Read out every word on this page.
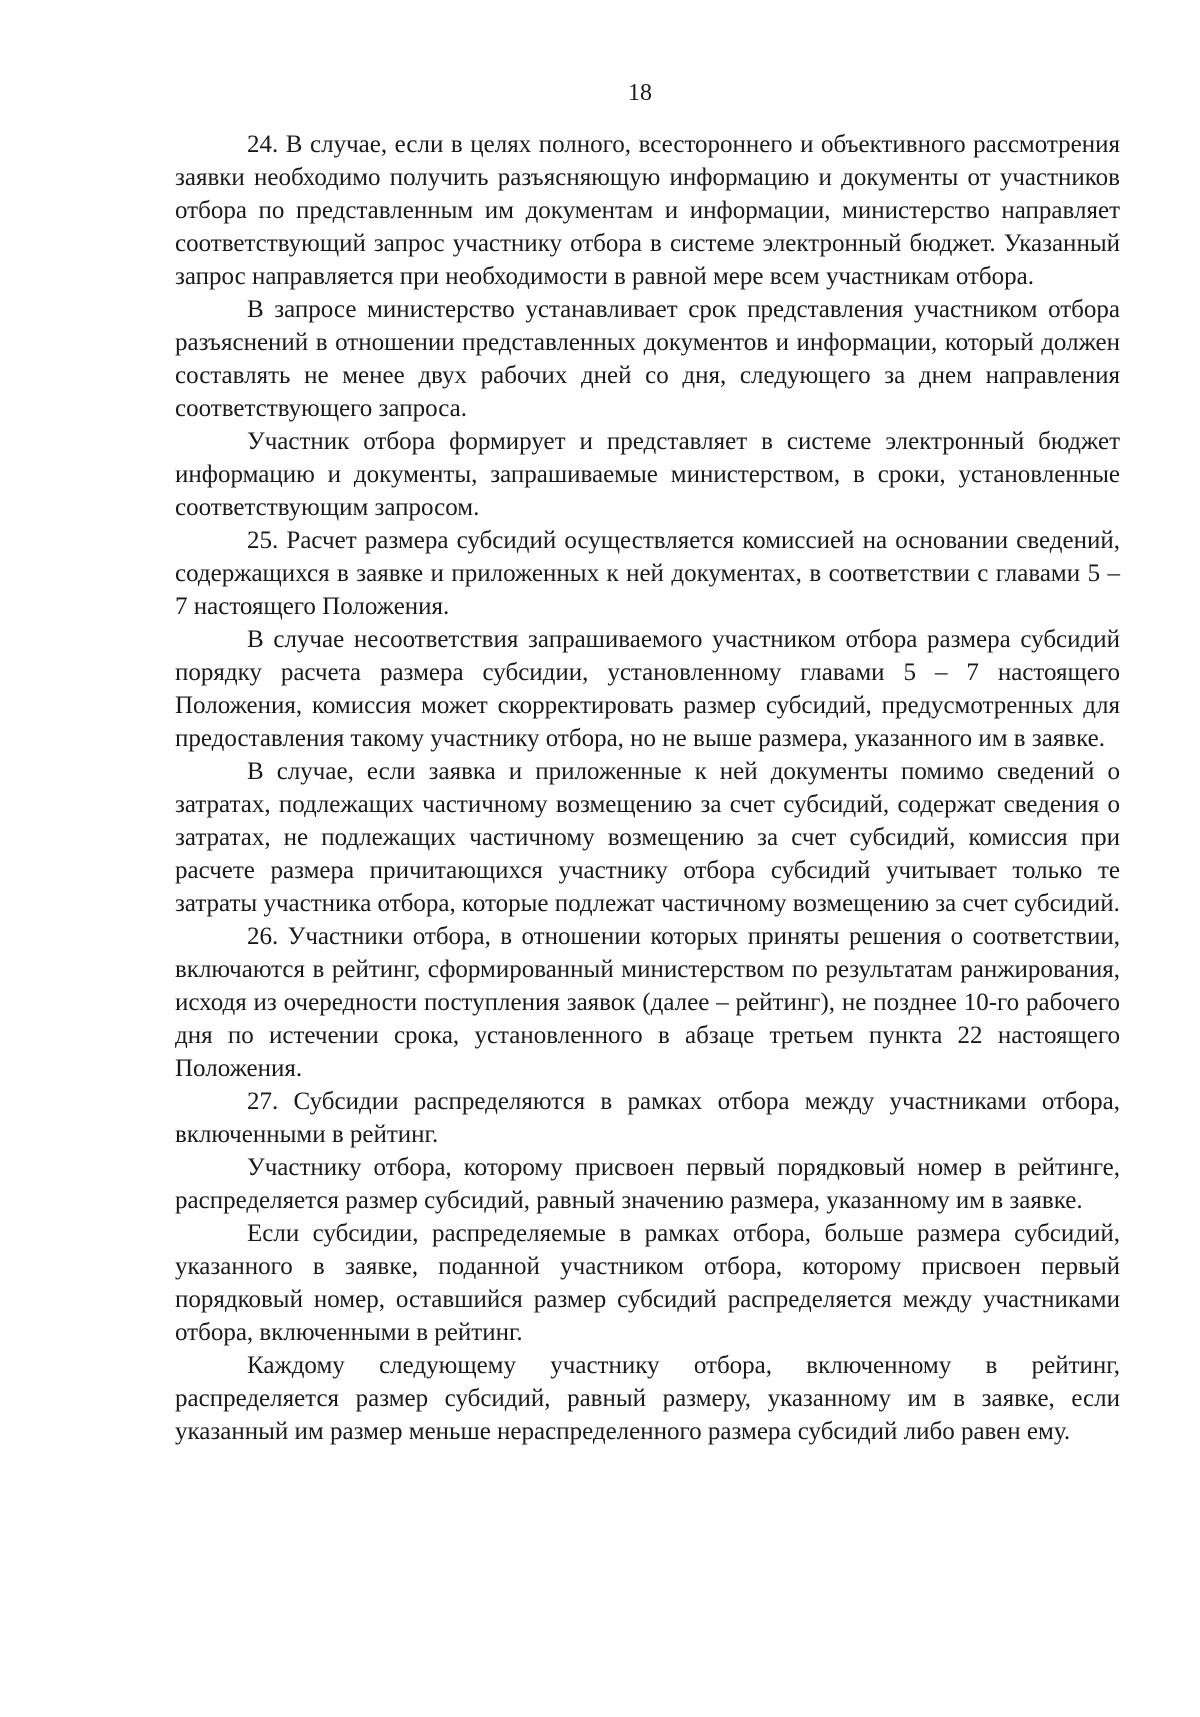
18

24. В случае, если в целях полного, всестороннего и объективного рассмотрения заявки необходимо получить разъясняющую информацию и документы от участников отбора по представленным им документам и информации, министерство направляет соответствующий запрос участнику отбора в системе электронный бюджет. Указанный запрос направляется при необходимости в равной мере всем участникам отбора.

В запросе министерство устанавливает срок представления участником отбора разъяснений в отношении представленных документов и информации, который должен составлять не менее двух рабочих дней со дня, следующего за днем направления соответствующего запроса.

Участник отбора формирует и представляет в системе электронный бюджет информацию и документы, запрашиваемые министерством, в сроки, установленные соответствующим запросом.

25. Расчет размера субсидий осуществляется комиссией на основании сведений, содержащихся в заявке и приложенных к ней документах, в соответствии с главами 5 – 7 настоящего Положения.

В случае несоответствия запрашиваемого участником отбора размера субсидий порядку расчета размера субсидии, установленному главами 5 – 7 настоящего Положения, комиссия может скорректировать размер субсидий, предусмотренных для предоставления такому участнику отбора, но не выше размера, указанного им в заявке.

В случае, если заявка и приложенные к ней документы помимо сведений о затратах, подлежащих частичному возмещению за счет субсидий, содержат сведения о затратах, не подлежащих частичному возмещению за счет субсидий, комиссия при расчете размера причитающихся участнику отбора субсидий учитывает только те затраты участника отбора, которые подлежат частичному возмещению за счет субсидий.

26. Участники отбора, в отношении которых приняты решения о соответствии, включаются в рейтинг, сформированный министерством по результатам ранжирования, исходя из очередности поступления заявок (далее – рейтинг), не позднее 10-го рабочего дня по истечении срока, установленного в абзаце третьем пункта 22 настоящего Положения.

27. Субсидии распределяются в рамках отбора между участниками отбора, включенными в рейтинг.

Участнику отбора, которому присвоен первый порядковый номер в рейтинге, распределяется размер субсидий, равный значению размера, указанному им в заявке.

Если субсидии, распределяемые в рамках отбора, больше размера субсидий, указанного в заявке, поданной участником отбора, которому присвоен первый порядковый номер, оставшийся размер субсидий распределяется между участниками отбора, включенными в рейтинг.

Каждому следующему участнику отбора, включенному в рейтинг, распределяется размер субсидий, равный размеру, указанному им в заявке, если указанный им размер меньше нераспределенного размера субсидий либо равен ему.
